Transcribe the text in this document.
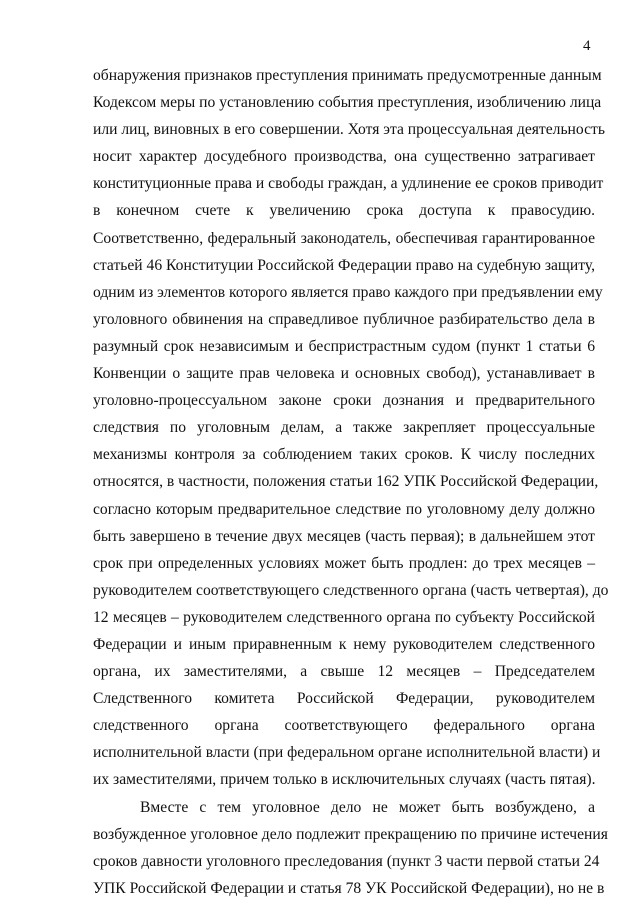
4
обнаружения признаков преступления принимать предусмотренные данным
Кодексом меры по установлению события преступления, изобличению лица
или лиц, виновных в его совершении. Хотя эта процессуальная деятельность
носит характер досудебного производства, она существенно затрагивает
конституционные права и свободы граждан, а удлинение ее сроков приводит
в конечном счете к увеличению срока доступа к правосудию.
Соответственно, федеральный законодатель, обеспечивая гарантированное
статьей 46 Конституции Российской Федерации право на судебную защиту,
одним из элементов которого является право каждого при предъявлении ему
уголовного обвинения на справедливое публичное разбирательство дела в
разумный срок независимым и беспристрастным судом (пункт 1 статьи 6
Конвенции о защите прав человека и основных свобод), устанавливает в
уголовно-процессуальном законе сроки дознания и предварительного
следствия по уголовным делам, а также закрепляет процессуальные
механизмы контроля за соблюдением таких сроков. К числу последних
относятся, в частности, положения статьи 162 УПК Российской Федерации,
согласно которым предварительное следствие по уголовному делу должно
быть завершено в течение двух месяцев (часть первая); в дальнейшем этот
срок при определенных условиях может быть продлен: до трех месяцев –
руководителем соответствующего следственного органа (часть четвертая), до
12 месяцев – руководителем следственного органа по субъекту Российской
Федерации и иным приравненным к нему руководителем следственного
органа, их заместителями, а свыше 12 месяцев – Председателем
Следственного комитета Российской Федерации, руководителем
следственного органа соответствующего федерального органа
исполнительной власти (при федеральном органе исполнительной власти) и
их заместителями, причем только в исключительных случаях (часть пятая).
Вместе с тем уголовное дело не может быть возбуждено, а
возбужденное уголовное дело подлежит прекращению по причине истечения
сроков давности уголовного преследования (пункт 3 части первой статьи 24
УПК Российской Федерации и статья 78 УК Российской Федерации), но не в
